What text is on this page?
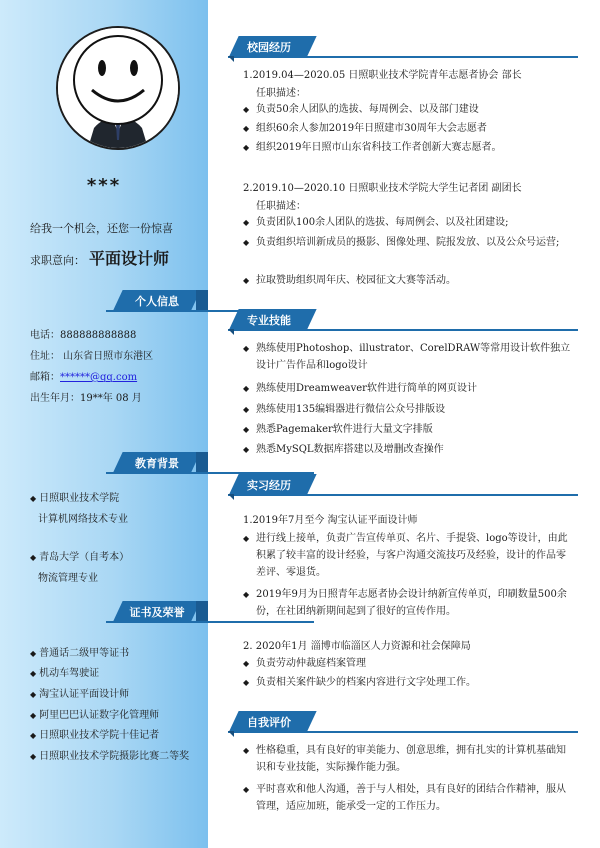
***
给我一个机会，还您一份惊喜
求职意向： 平面设计师
个人信息
电话：888888888888
住址： 山东省日照市东港区
邮箱：******@qq.com
出生年月：19**年 08 月
教育背景
◆ 日照职业技术学院
计算机网络技术专业
◆ 青岛大学（自考本）
物流管理专业
证书及荣誉
◆ 普通话二级甲等证书
◆ 机动车驾驶证
◆ 淘宝认证平面设计师
◆ 阿里巴巴认证数字化管理师
◆ 日照职业技术学院十佳记者
◆ 日照职业技术学院摄影比赛二等奖
校园经历
1.2019.04—2020.05 日照职业技术学院青年志愿者协会 部长
任职描述：
◆ 负责50余人团队的选拔、每周例会、以及部门建设
◆ 组织60余人参加2019年日照建市30周年大会志愿者
◆ 组织2019年日照市山东省科技工作者创新大赛志愿者。
2.2019.10—2020.10 日照职业技术学院大学生记者团 副团长
任职描述：
◆ 负责团队100余人团队的选拔、每周例会、以及社团建设;
◆ 负责组织培训新成员的摄影、图像处理、院报发放、以及公众号运营;
◆ 拉取赞助组织周年庆、校园征文大赛等活动。
专业技能
◆ 熟练使用Photoshop、illustrator、CorelDRAW等常用设计软件独立设计广告作品和logo设计
◆ 熟练使用Dreamweaver软件进行简单的网页设计
◆ 熟练使用135编辑器进行微信公众号排版设
◆ 熟悉Pagemaker软件进行大量文字排版
◆ 熟悉MySQL数据库搭建以及增删改查操作
实习经历
1.2019年7月至今 淘宝认证平面设计师
◆ 进行线上接单，负责广告宣传单页、名片、手提袋、logo等设计，由此积累了较丰富的设计经验，与客户沟通交流技巧及经验，设计的作品零差评、零退货。
◆ 2019年9月为日照青年志愿者协会设计纳新宣传单页，印刷数量500余份，在社团纳新期间起到了很好的宣传作用。
2. 2020年1月 淄博市临淄区人力资源和社会保障局
◆ 负责劳动仲裁庭档案管理
◆ 负责相关案件缺少的档案内容进行文字处理工作。
自我评价
◆ 性格稳重，具有良好的审美能力、创意思维，拥有扎实的计算机基础知识和专业技能，实际操作能力强。
◆ 平时喜欢和他人沟通，善于与人相处，具有良好的团结合作精神，服从管理，适应加班，能承受一定的工作压力。
